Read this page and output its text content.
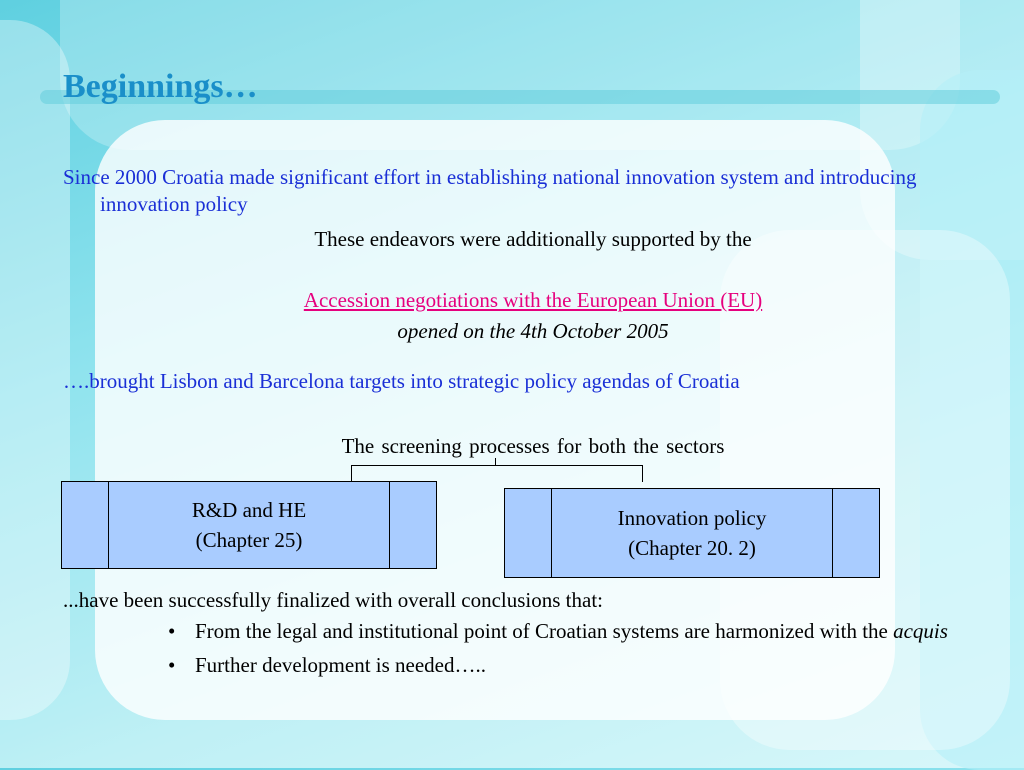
Beginnings…
Since 2000 Croatia made significant effort in establishing national innovation system and introducing innovation policy
These endeavors were additionally supported by the
Accession negotiations with the European Union (EU)
opened on the 4th October 2005
….brought Lisbon and Barcelona targets into strategic policy agendas of Croatia
The screening processes for both the sectors
R&D and HE
(Chapter 25)
Innovation policy
(Chapter 20. 2)
...have been successfully finalized with overall conclusions that:
• From the legal and institutional point of Croatian systems are harmonized with the acquis
• Further development is needed…..
